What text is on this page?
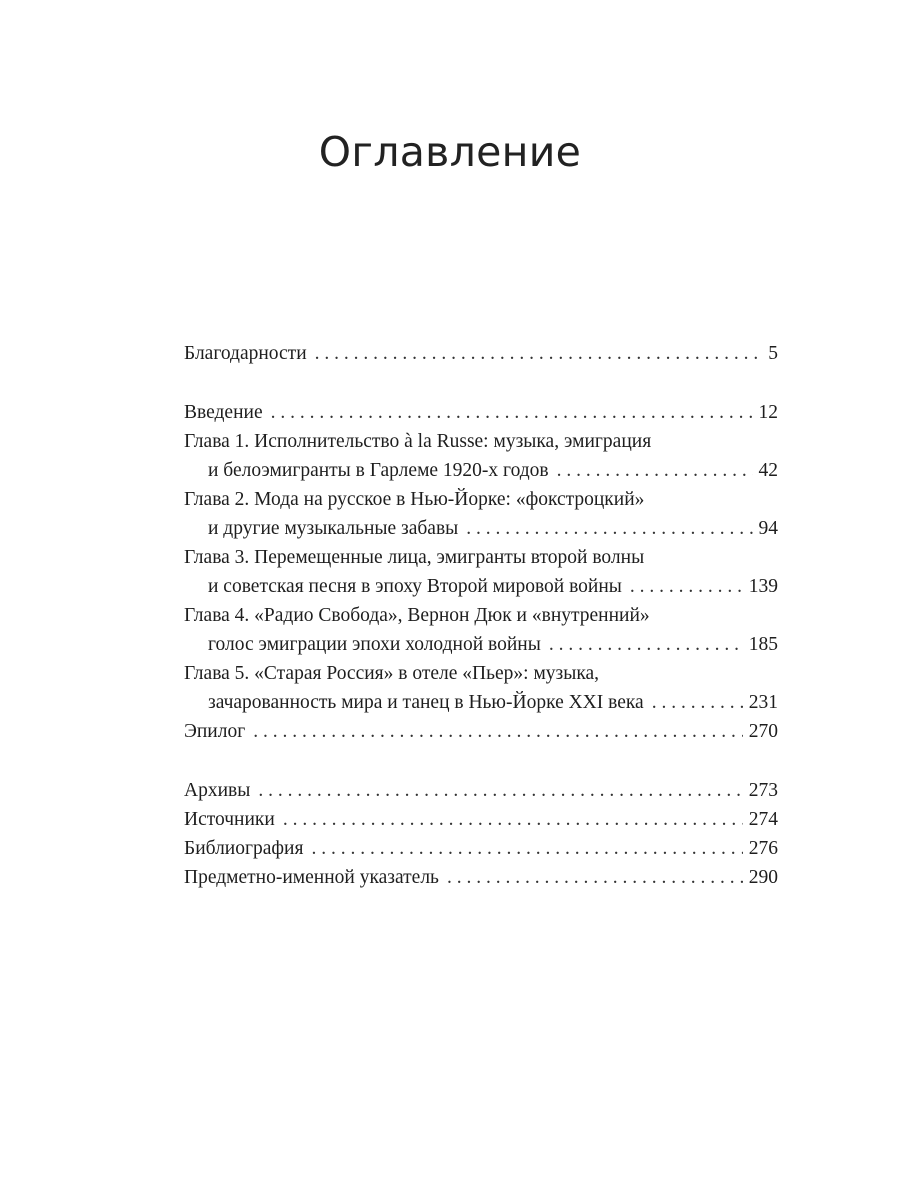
Оглавление
Благодарности . . .	5
Введение . . .	12
Глава 1. Исполнительство à la Russe: музыка, эмиграция
и белоэмигранты в Гарлеме 1920-х годов . . .	42
Глава 2. Мода на русское в Нью-Йорке: «фокстроцкий»
и другие музыкальные забавы . . .	94
Глава 3. Перемещенные лица, эмигранты второй волны
и советская песня в эпоху Второй мировой войны . . .	139
Глава 4. «Радио Свобода», Вернон Дюк и «внутренний»
голос эмиграции эпохи холодной войны . . .	185
Глава 5. «Старая Россия» в отеле «Пьер»: музыка,
зачарованность мира и танец в Нью-Йорке XXI века . . .	231
Эпилог . . .	270
Архивы . . .	273
Источники . . .	274
Библиография . . .	276
Предметно-именной указатель . . .	290
